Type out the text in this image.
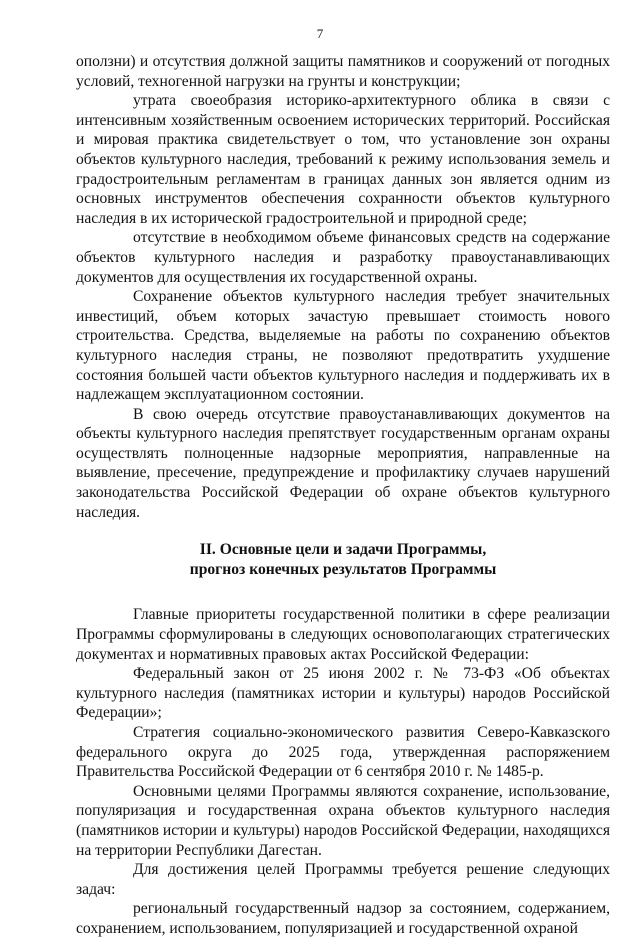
7

оползни) и отсутствия должной защиты памятников и сооружений от погодных условий, техногенной нагрузки на грунты и конструкции;

утрата своеобразия историко-архитектурного облика в связи с интенсивным хозяйственным освоением исторических территорий. Российская и мировая практика свидетельствует о том, что установление зон охраны объектов культурного наследия, требований к режиму использования земель и градостроительным регламентам в границах данных зон является одним из основных инструментов обеспечения сохранности объектов культурного наследия в их исторической градостроительной и природной среде;

отсутствие в необходимом объеме финансовых средств на содержание объектов культурного наследия и разработку правоустанавливающих документов для осуществления их государственной охраны.

Сохранение объектов культурного наследия требует значительных инвестиций, объем которых зачастую превышает стоимость нового строительства. Средства, выделяемые на работы по сохранению объектов культурного наследия страны, не позволяют предотвратить ухудшение состояния большей части объектов культурного наследия и поддерживать их в надлежащем эксплуатационном состоянии.

В свою очередь отсутствие правоустанавливающих документов на объекты культурного наследия препятствует государственным органам охраны осуществлять полноценные надзорные мероприятия, направленные на выявление, пресечение, предупреждение и профилактику случаев нарушений законодательства Российской Федерации об охране объектов культурного наследия.

II. Основные цели и задачи Программы,

прогноз конечных результатов Программы

Главные приоритеты государственной политики в сфере реализации Программы сформулированы в следующих основополагающих стратегических документах и нормативных правовых актах Российской Федерации:

Федеральный закон от 25 июня 2002 г. № 73-ФЗ «Об объектах культурного наследия (памятниках истории и культуры) народов Российской Федерации»;

Стратегия социально-экономического развития Северо-Кавказского федерального округа до 2025 года, утвержденная распоряжением Правительства Российской Федерации от 6 сентября 2010 г. № 1485-р.

Основными целями Программы являются сохранение, использование, популяризация и государственная охрана объектов культурного наследия (памятников истории и культуры) народов Российской Федерации, находящихся на территории Республики Дагестан.

Для достижения целей Программы требуется решение следующих задач:

региональный государственный надзор за состоянием, содержанием, сохранением, использованием, популяризацией и государственной охраной
